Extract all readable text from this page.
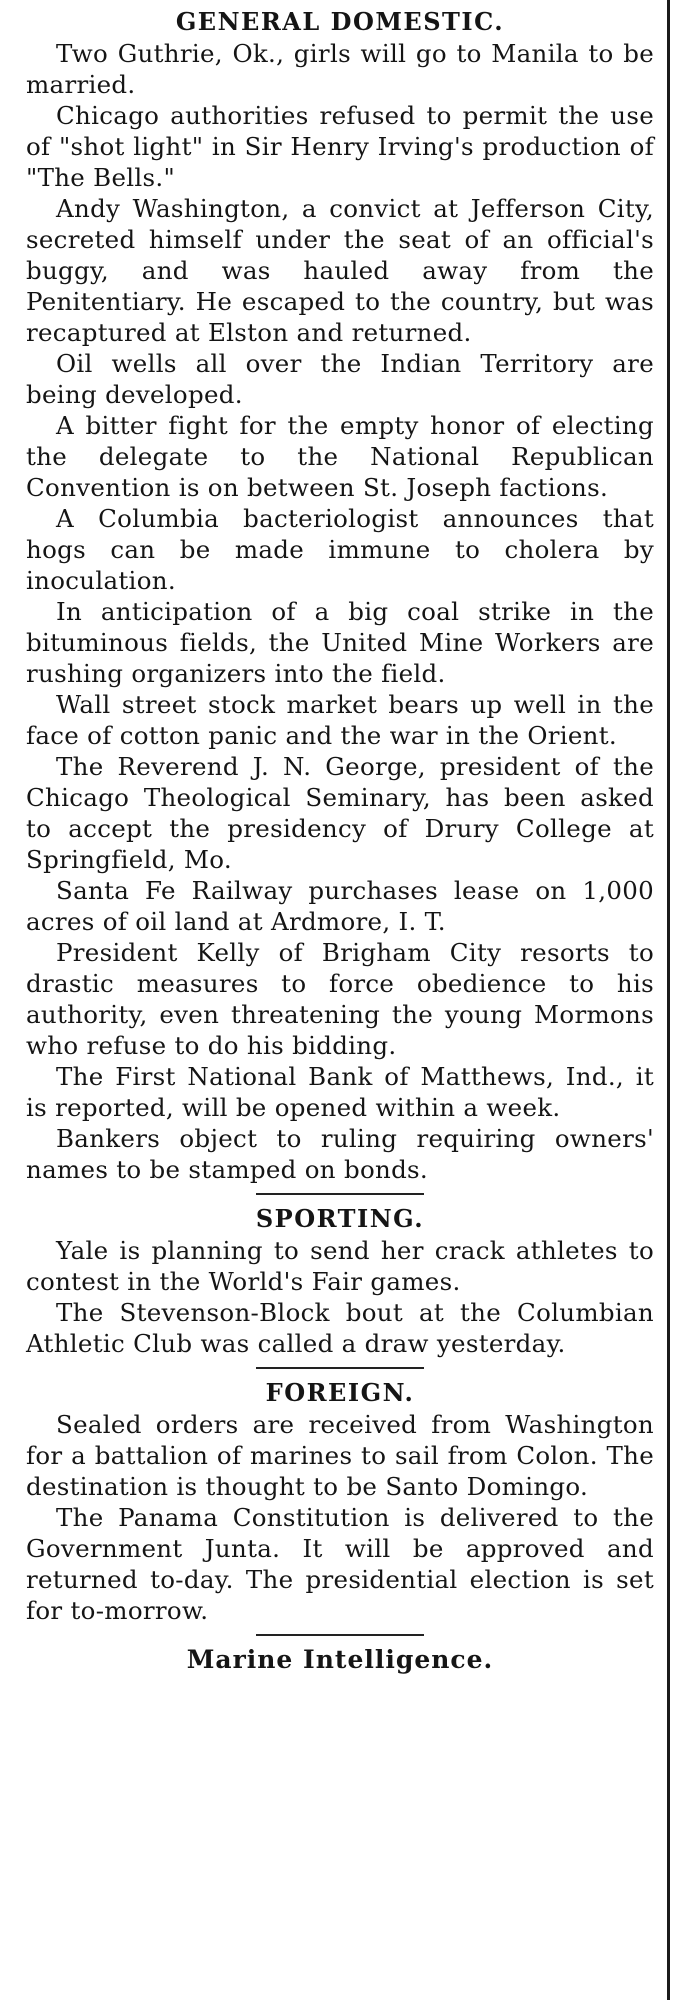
GENERAL DOMESTIC.

Two Guthrie, Ok., girls will go to Manila to be married.

Chicago authorities refused to permit the use of "shot light" in Sir Henry Irving's production of "The Bells."

Andy Washington, a convict at Jefferson City, secreted himself under the seat of an official's buggy, and was hauled away from the Penitentiary. He escaped to the country, but was recaptured at Elston and returned.

Oil wells all over the Indian Territory are being developed.

A bitter fight for the empty honor of electing the delegate to the National Republican Convention is on between St. Joseph factions.

A Columbia bacteriologist announces that hogs can be made immune to cholera by inoculation.

In anticipation of a big coal strike in the bituminous fields, the United Mine Workers are rushing organizers into the field.

Wall street stock market bears up well in the face of cotton panic and the war in the Orient.

The Reverend J. N. George, president of the Chicago Theological Seminary, has been asked to accept the presidency of Drury College at Springfield, Mo.

Santa Fe Railway purchases lease on 1,000 acres of oil land at Ardmore, I. T.

President Kelly of Brigham City resorts to drastic measures to force obedience to his authority, even threatening the young Mormons who refuse to do his bidding.

The First National Bank of Matthews, Ind., it is reported, will be opened within a week.

Bankers object to ruling requiring owners' names to be stamped on bonds.

SPORTING.

Yale is planning to send her crack athletes to contest in the World's Fair games.

The Stevenson-Block bout at the Columbian Athletic Club was called a draw yesterday.

FOREIGN.

Sealed orders are received from Washington for a battalion of marines to sail from Colon. The destination is thought to be Santo Domingo.

The Panama Constitution is delivered to the Government Junta. It will be approved and returned to-day. The presidential election is set for to-morrow.

Marine Intelligence.
